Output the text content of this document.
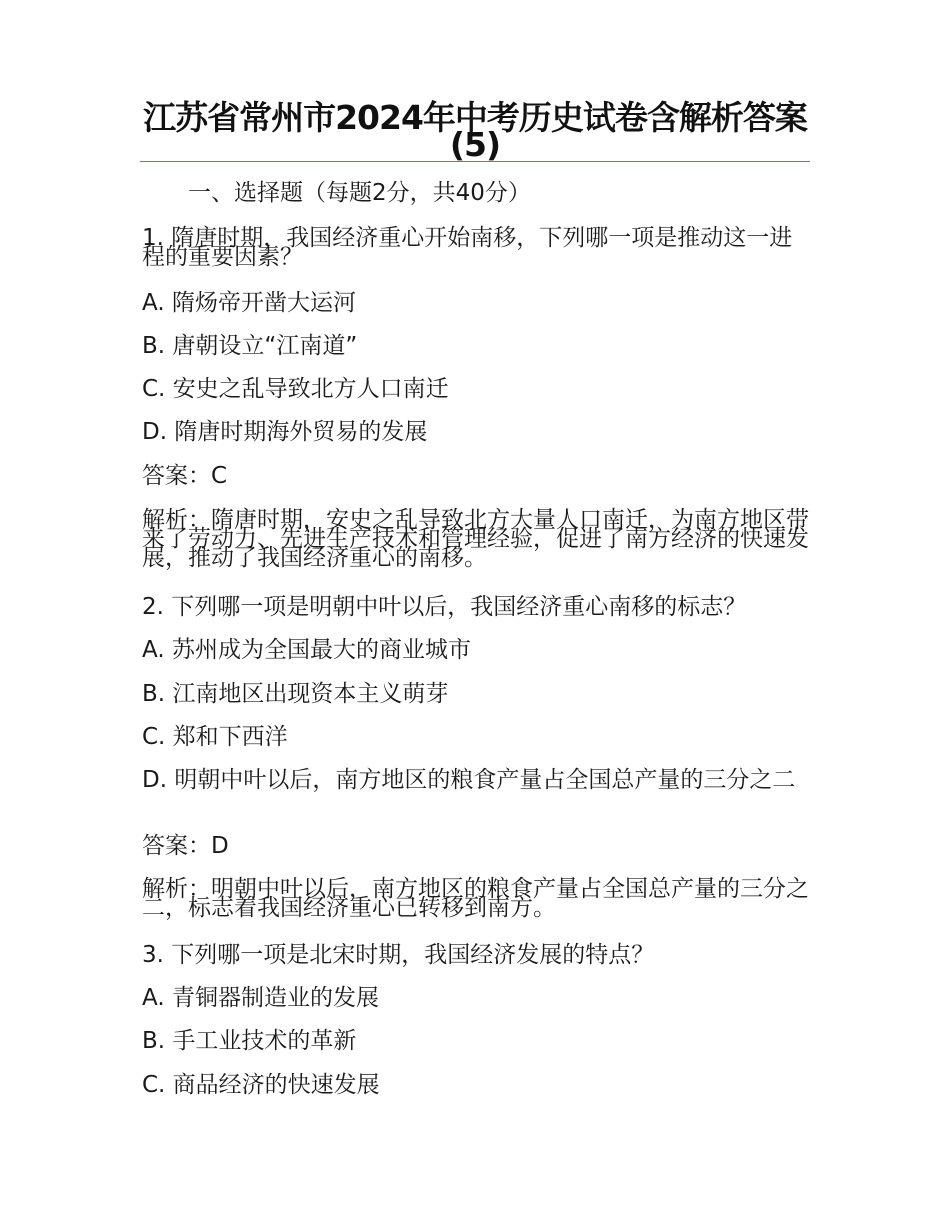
江苏省常州市2024年中考历史试卷含解析答案(5)

一、选择题（每题2分，共40分）

1. 隋唐时期，我国经济重心开始南移，下列哪一项是推动这一进程的重要因素？

A. 隋炀帝开凿大运河

B. 唐朝设立“江南道”

C. 安史之乱导致北方人口南迁

D. 隋唐时期海外贸易的发展

答案：C

解析：隋唐时期，安史之乱导致北方大量人口南迁，为南方地区带来了劳动力、先进生产技术和管理经验，促进了南方经济的快速发展，推动了我国经济重心的南移。

2. 下列哪一项是明朝中叶以后，我国经济重心南移的标志？

A. 苏州成为全国最大的商业城市

B. 江南地区出现资本主义萌芽

C. 郑和下西洋

D. 明朝中叶以后，南方地区的粮食产量占全国总产量的三分之二

答案：D

解析：明朝中叶以后，南方地区的粮食产量占全国总产量的三分之二，标志着我国经济重心已转移到南方。

3. 下列哪一项是北宋时期，我国经济发展的特点？

A. 青铜器制造业的发展

B. 手工业技术的革新

C. 商品经济的快速发展
